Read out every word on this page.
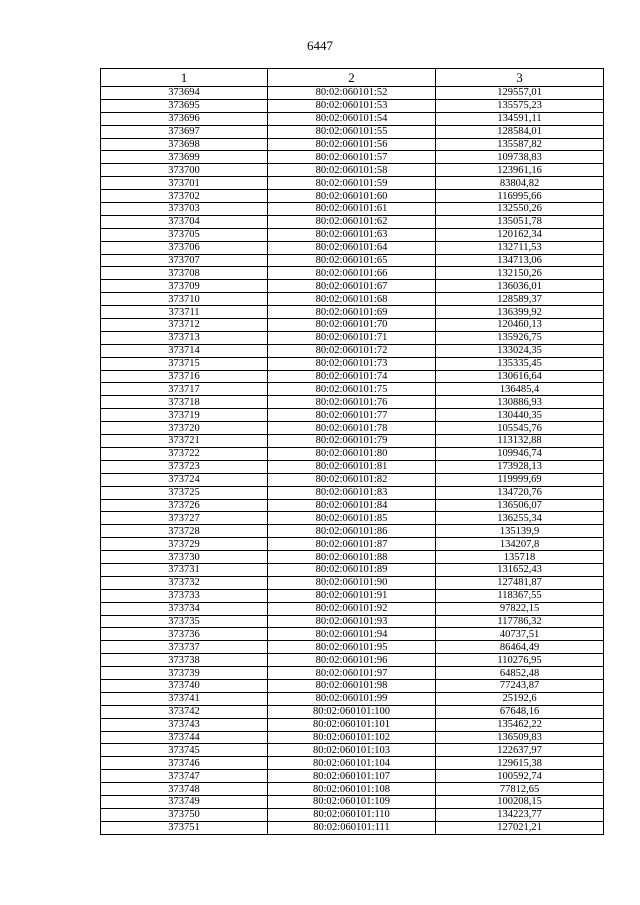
6447
1	2	3
373694	80:02:060101:52	129557,01
373695	80:02:060101:53	135575,23
373696	80:02:060101:54	134591,11
373697	80:02:060101:55	128584,01
373698	80:02:060101:56	135587,82
373699	80:02:060101:57	109738,83
373700	80:02:060101:58	123961,16
373701	80:02:060101:59	83804,82
373702	80:02:060101:60	116995,66
373703	80:02:060101:61	132550,26
373704	80:02:060101:62	135051,78
373705	80:02:060101:63	120162,34
373706	80:02:060101:64	132711,53
373707	80:02:060101:65	134713,06
373708	80:02:060101:66	132150,26
373709	80:02:060101:67	136036,01
373710	80:02:060101:68	128589,37
373711	80:02:060101:69	136399,92
373712	80:02:060101:70	120460,13
373713	80:02:060101:71	135926,75
373714	80:02:060101:72	133024,35
373715	80:02:060101:73	135335,45
373716	80:02:060101:74	130616,64
373717	80:02:060101:75	136485,4
373718	80:02:060101:76	130886,93
373719	80:02:060101:77	130440,35
373720	80:02:060101:78	105545,76
373721	80:02:060101:79	113132,88
373722	80:02:060101:80	109946,74
373723	80:02:060101:81	173928,13
373724	80:02:060101:82	119999,69
373725	80:02:060101:83	134720,76
373726	80:02:060101:84	136506,07
373727	80:02:060101:85	136255,34
373728	80:02:060101:86	135139,9
373729	80:02:060101:87	134207,8
373730	80:02:060101:88	135718
373731	80:02:060101:89	131652,43
373732	80:02:060101:90	127481,87
373733	80:02:060101:91	118367,55
373734	80:02:060101:92	97822,15
373735	80:02:060101:93	117786,32
373736	80:02:060101:94	40737,51
373737	80:02:060101:95	86464,49
373738	80:02:060101:96	110276,95
373739	80:02:060101:97	64852,48
373740	80:02:060101:98	77243,87
373741	80:02:060101:99	25192,6
373742	80:02:060101:100	67648,16
373743	80:02:060101:101	135462,22
373744	80:02:060101:102	136509,83
373745	80:02:060101:103	122637,97
373746	80:02:060101:104	129615,38
373747	80:02:060101:107	100592,74
373748	80:02:060101:108	77812,65
373749	80:02:060101:109	100208,15
373750	80:02:060101:110	134223,77
373751	80:02:060101:111	127021,21
